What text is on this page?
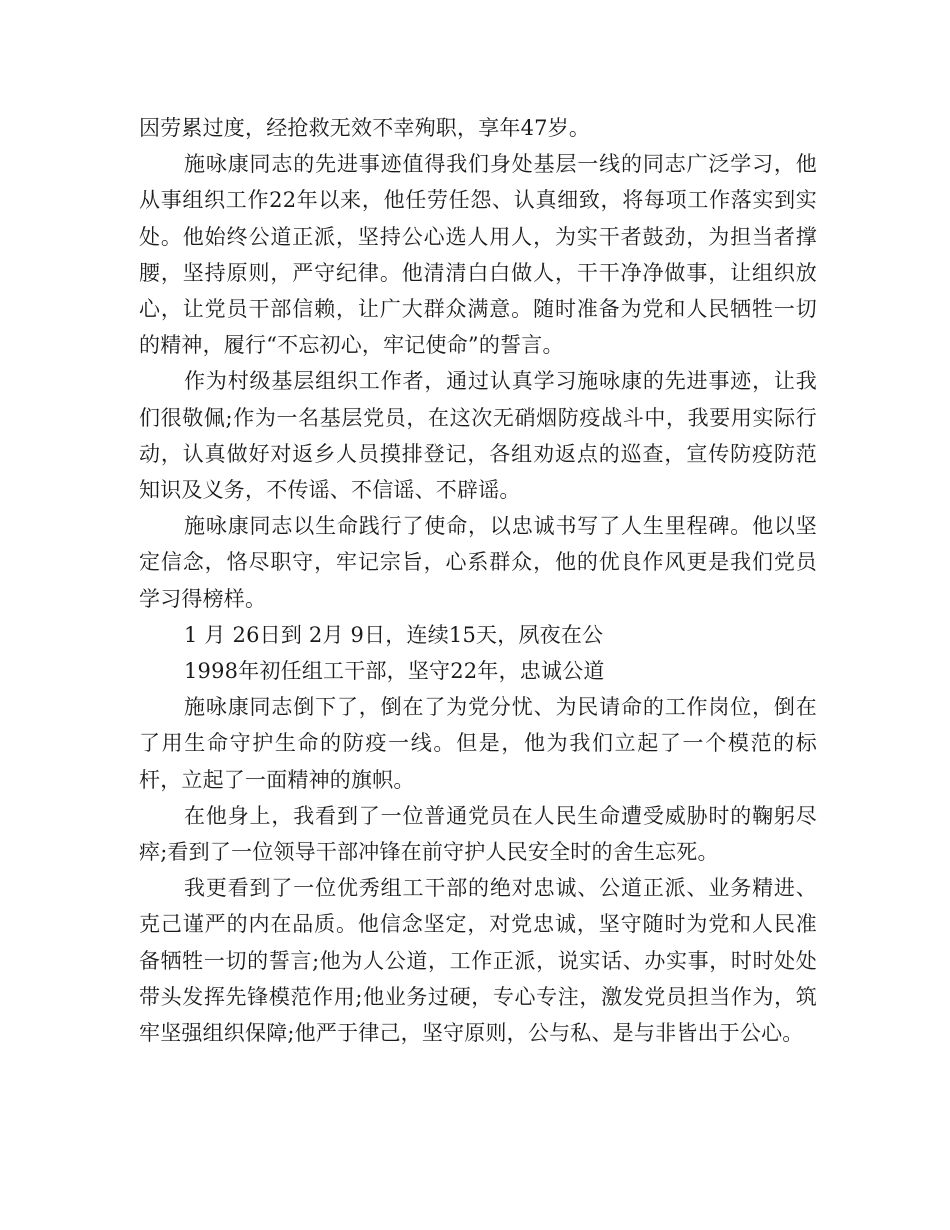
因劳累过度，经抢救无效不幸殉职，享年47岁。

施咏康同志的先进事迹值得我们身处基层一线的同志广泛学习，他从事组织工作22年以来，他任劳任怨、认真细致，将每项工作落实到实处。他始终公道正派，坚持公心选人用人，为实干者鼓劲，为担当者撑腰，坚持原则，严守纪律。他清清白白做人，干干净净做事，让组织放心，让党员干部信赖，让广大群众满意。随时准备为党和人民牺牲一切的精神，履行“不忘初心，牢记使命”的誓言。

作为村级基层组织工作者，通过认真学习施咏康的先进事迹，让我们很敬佩;作为一名基层党员，在这次无硝烟防疫战斗中，我要用实际行动，认真做好对返乡人员摸排登记，各组劝返点的巡查，宣传防疫防范知识及义务，不传谣、不信谣、不辟谣。

施咏康同志以生命践行了使命，以忠诚书写了人生里程碑。他以坚定信念，恪尽职守，牢记宗旨，心系群众，他的优良作风更是我们党员学习得榜样。

1 月 26日到 2月 9日，连续15天，夙夜在公

1998年初任组工干部，坚守22年，忠诚公道

施咏康同志倒下了，倒在了为党分忧、为民请命的工作岗位，倒在了用生命守护生命的防疫一线。但是，他为我们立起了一个模范的标杆，立起了一面精神的旗帜。

在他身上，我看到了一位普通党员在人民生命遭受威胁时的鞠躬尽瘁;看到了一位领导干部冲锋在前守护人民安全时的舍生忘死。

我更看到了一位优秀组工干部的绝对忠诚、公道正派、业务精进、克己谨严的内在品质。他信念坚定，对党忠诚，坚守随时为党和人民准备牺牲一切的誓言;他为人公道，工作正派，说实话、办实事，时时处处带头发挥先锋模范作用;他业务过硬，专心专注，激发党员担当作为，筑牢坚强组织保障;他严于律己，坚守原则，公与私、是与非皆出于公心。
